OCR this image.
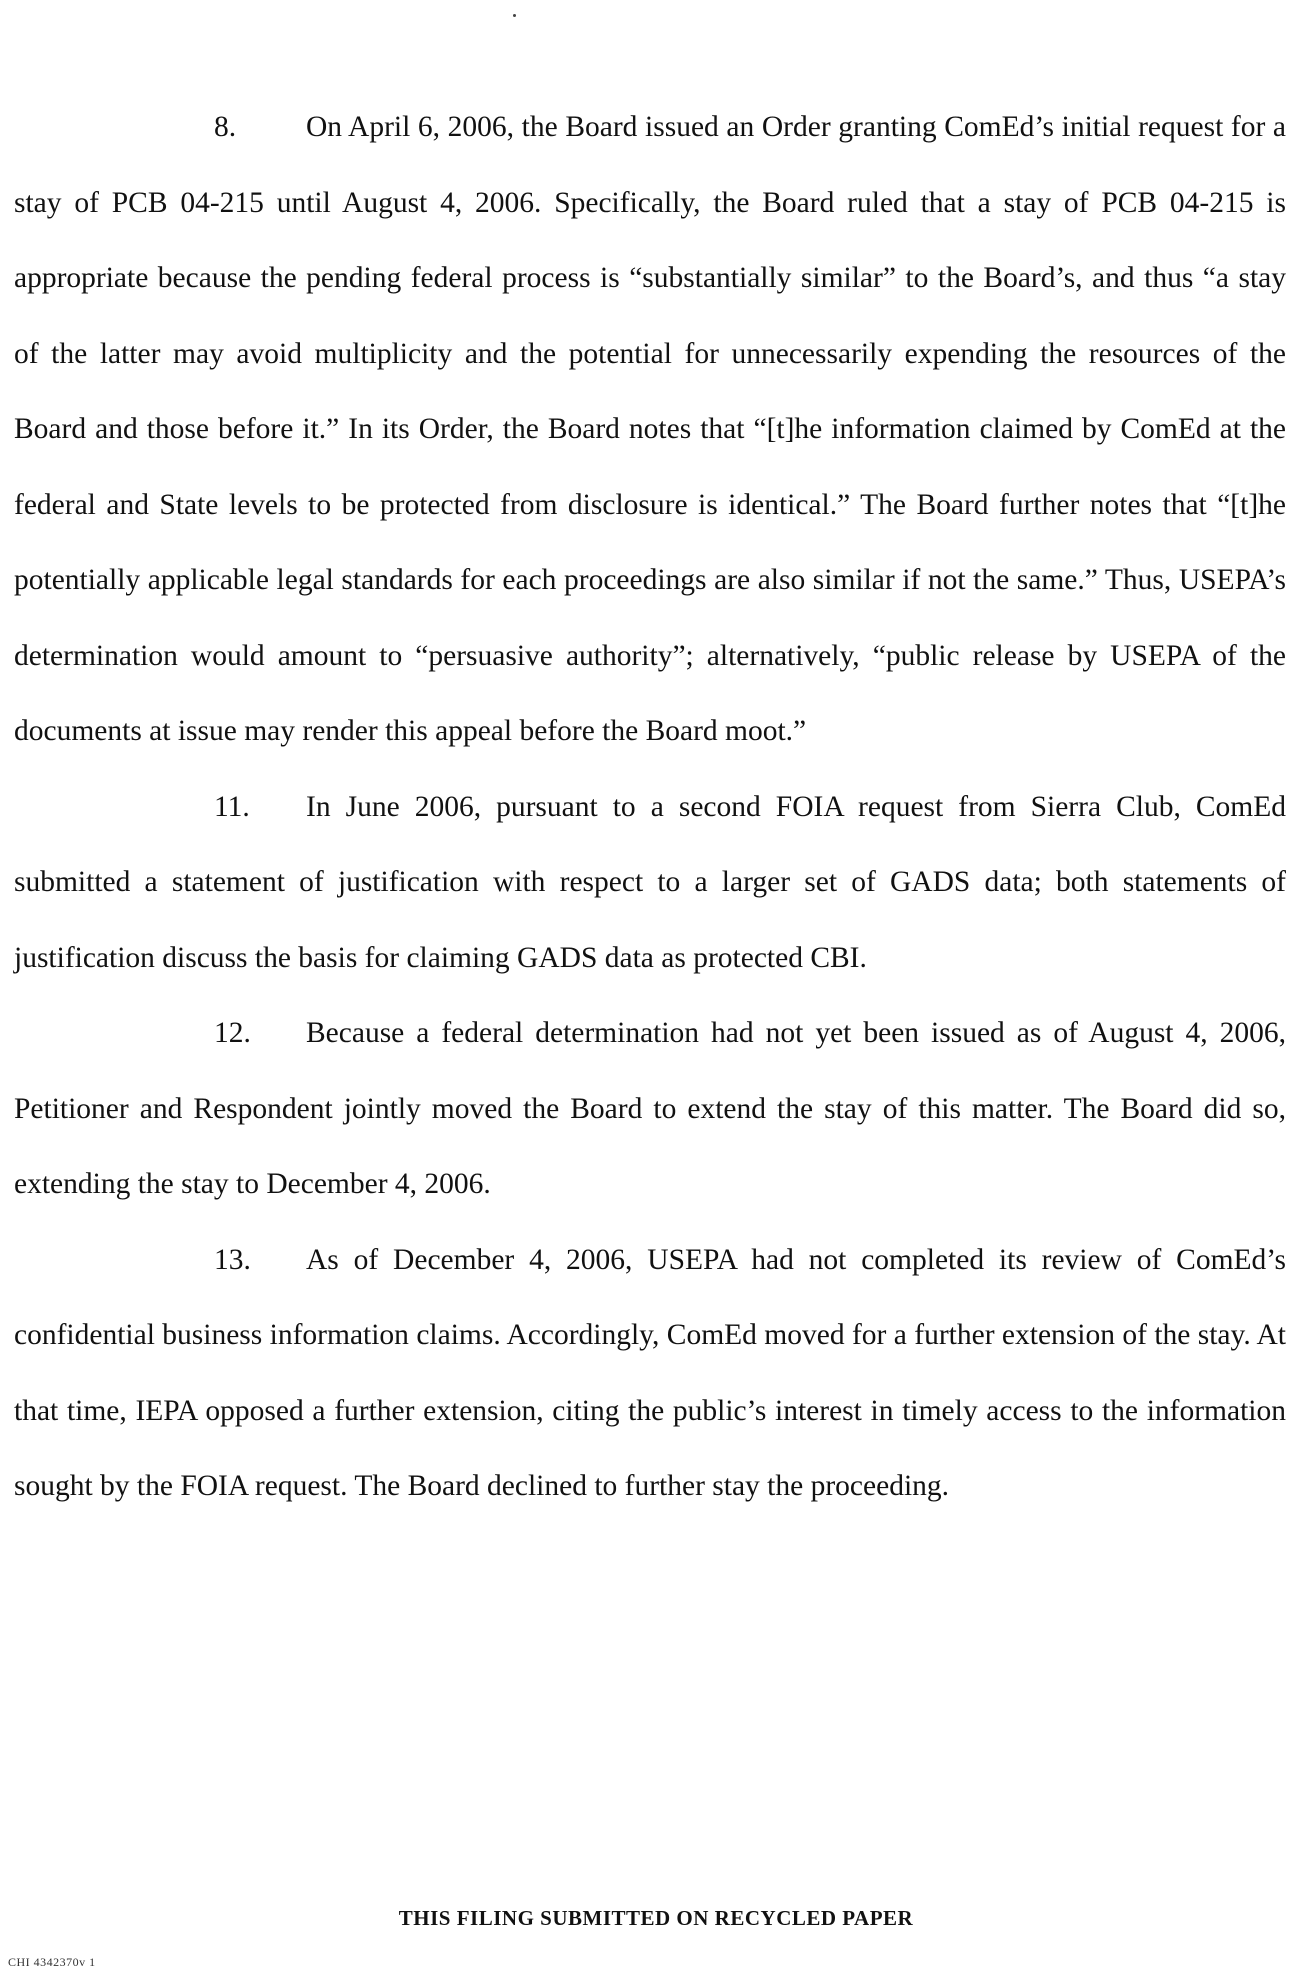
8. On April 6, 2006, the Board issued an Order granting ComEd’s initial request for a stay of PCB 04-215 until August 4, 2006. Specifically, the Board ruled that a stay of PCB 04-215 is appropriate because the pending federal process is “substantially similar” to the Board’s, and thus “a stay of the latter may avoid multiplicity and the potential for unnecessarily expending the resources of the Board and those before it.” In its Order, the Board notes that “[t]he information claimed by ComEd at the federal and State levels to be protected from disclosure is identical.” The Board further notes that “[t]he potentially applicable legal standards for each proceedings are also similar if not the same.” Thus, USEPA’s determination would amount to “persuasive authority”; alternatively, “public release by USEPA of the documents at issue may render this appeal before the Board moot.”

11. In June 2006, pursuant to a second FOIA request from Sierra Club, ComEd submitted a statement of justification with respect to a larger set of GADS data; both statements of justification discuss the basis for claiming GADS data as protected CBI.

12. Because a federal determination had not yet been issued as of August 4, 2006, Petitioner and Respondent jointly moved the Board to extend the stay of this matter. The Board did so, extending the stay to December 4, 2006.

13. As of December 4, 2006, USEPA had not completed its review of ComEd’s confidential business information claims. Accordingly, ComEd moved for a further extension of the stay. At that time, IEPA opposed a further extension, citing the public’s interest in timely access to the information sought by the FOIA request. The Board declined to further stay the proceeding.

THIS FILING SUBMITTED ON RECYCLED PAPER
CHI 4342370v 1
